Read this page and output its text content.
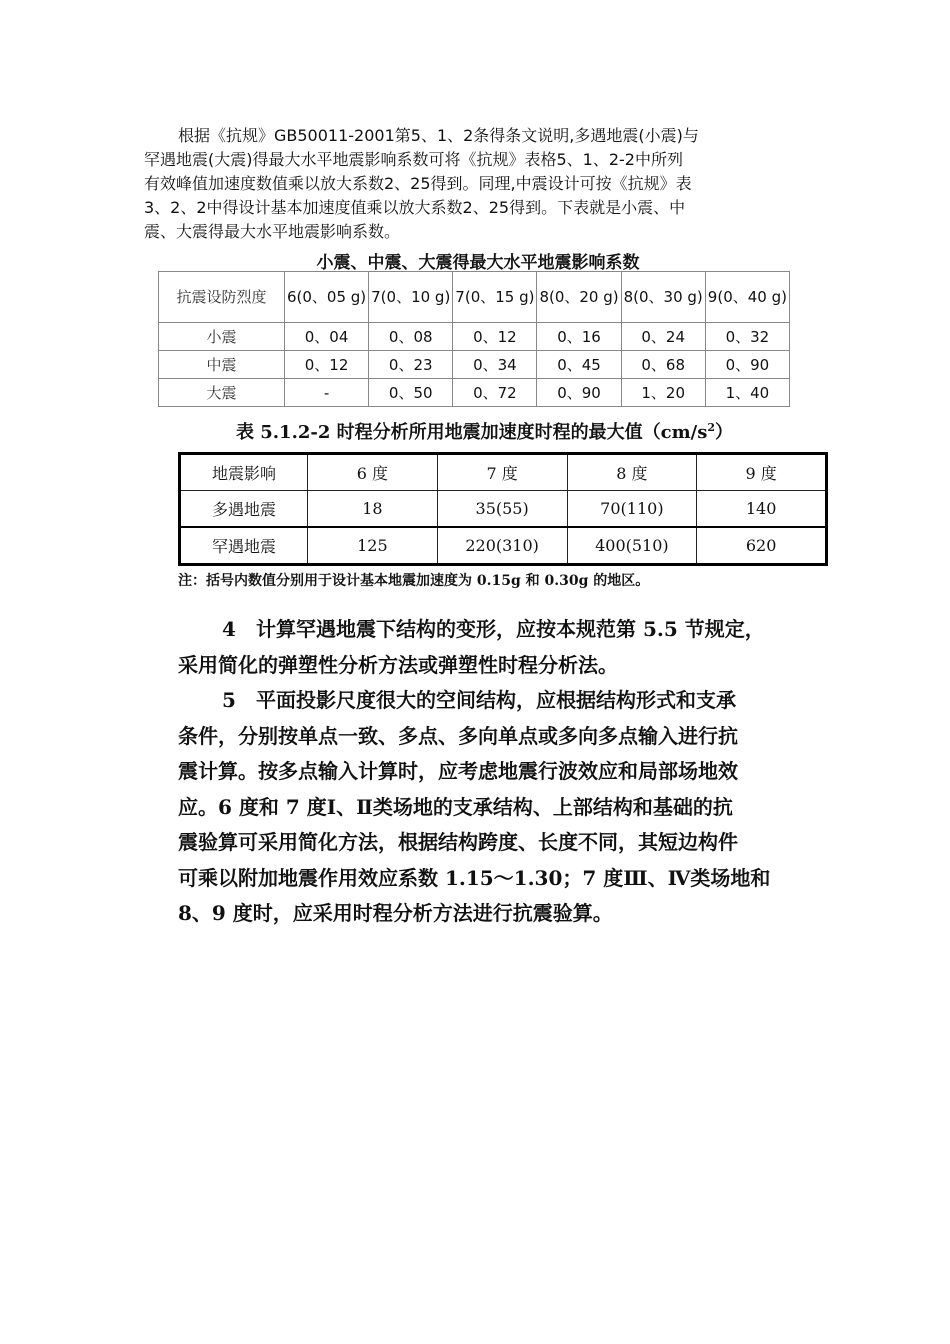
根据《抗规》GB50011-2001第5、1、2条得条文说明,多遇地震(小震)与
罕遇地震(大震)得最大水平地震影响系数可将《抗规》表格5、1、2-2中所列
有效峰值加速度数值乘以放大系数2、25得到。同理,中震设计可按《抗规》表
3、2、2中得设计基本加速度值乘以放大系数2、25得到。下表就是小震、中
震、大震得最大水平地震影响系数。
小震、中震、大震得最大水平地震影响系数
抗震设防烈度	6(0、05 g)	7(0、10 g)	7(0、15 g)	8(0、20 g)	8(0、30 g)	9(0、40 g)
小震	0、04	0、08	0、12	0、16	0、24	0、32
中震	0、12	0、23	0、34	0、45	0、68	0、90
大震	-	0、50	0、72	0、90	1、20	1、40
表 5.1.2-2 时程分析所用地震加速度时程的最大值$(cm/s^2)$
地震影响	6 度	7 度	8 度	9 度
多遇地震	18	35(55)	70(110)	140
罕遇地震	125	220(310)	400(510)	620
注：括号内数值分别用于设计基本地震加速度为 0.15g 和 0.30g 的地区。

4 计算罕遇地震下结构的变形，应按本规范第 5.5 节规定，

采用简化的弹塑性分析方法或弹塑性时程分析法。

5 平面投影尺度很大的空间结构，应根据结构形式和支承

条件，分别按单点一致、多点、多向单点或多向多点输入进行抗

震计算。按多点输入计算时，应考虑地震行波效应和局部场地效

应。6 度和 7 度Ⅰ、Ⅱ类场地的支承结构、上部结构和基础的抗

震验算可采用简化方法，根据结构跨度、长度不同，其短边构件

可乘以附加地震作用效应系数 1.15～1.30；7 度Ⅲ、Ⅳ类场地和

8、9 度时，应采用时程分析方法进行抗震验算。
